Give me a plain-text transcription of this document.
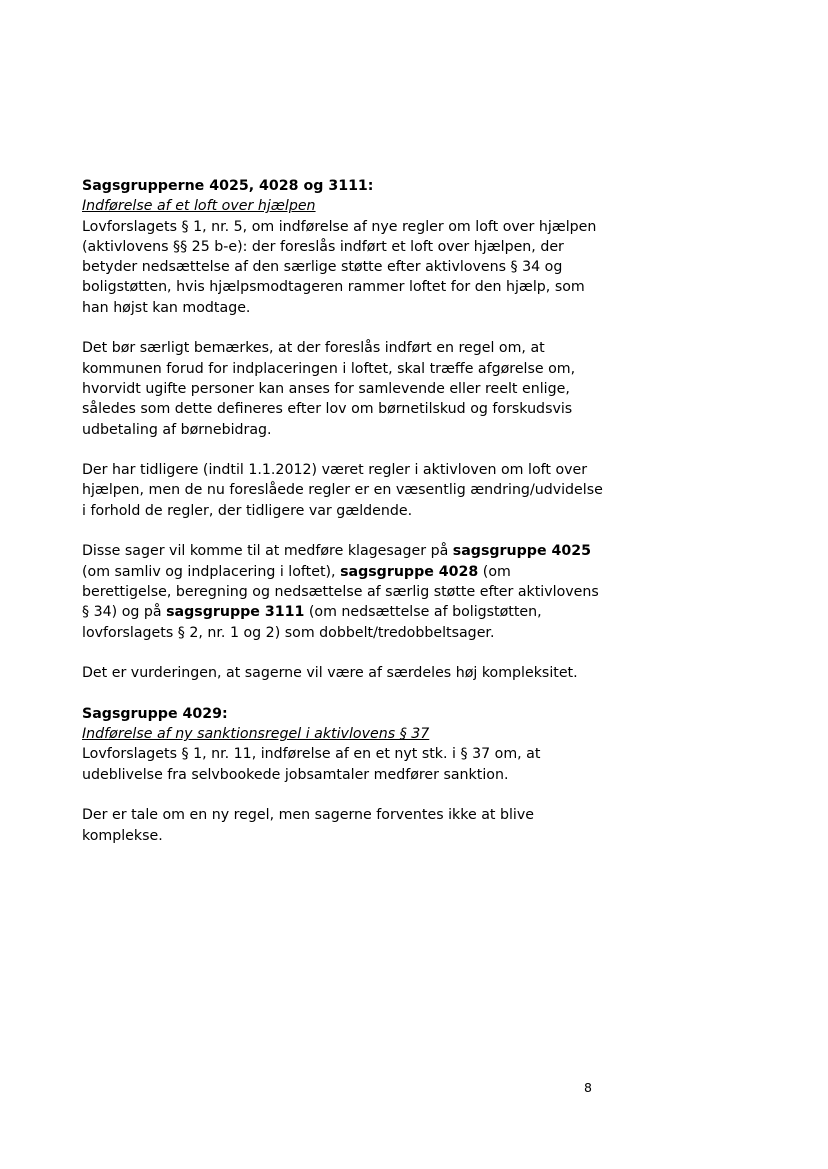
Sagsgrupperne 4025, 4028 og 3111:

Indførelse af et loft over hjælpen

Lovforslagets § 1, nr. 5, om indførelse af nye regler om loft over hjælpen
(aktivlovens §§ 25 b-e): der foreslås indført et loft over hjælpen, der
betyder nedsættelse af den særlige støtte efter aktivlovens § 34 og
boligstøtten, hvis hjælpsmodtageren rammer loftet for den hjælp, som
han højst kan modtage.

Det bør særligt bemærkes, at der foreslås indført en regel om, at
kommunen forud for indplaceringen i loftet, skal træffe afgørelse om,
hvorvidt ugifte personer kan anses for samlevende eller reelt enlige,
således som dette defineres efter lov om børnetilskud og forskudsvis
udbetaling af børnebidrag.

Der har tidligere (indtil 1.1.2012) været regler i aktivloven om loft over
hjælpen, men de nu foreslåede regler er en væsentlig ændring/udvidelse
i forhold de regler, der tidligere var gældende.

Disse sager vil komme til at medføre klagesager på sagsgruppe 4025
(om samliv og indplacering i loftet), sagsgruppe 4028 (om
berettigelse, beregning og nedsættelse af særlig støtte efter aktivlovens
§ 34) og på sagsgruppe 3111 (om nedsættelse af boligstøtten,
lovforslagets § 2, nr. 1 og 2) som dobbelt/tredobbeltsager.

Det er vurderingen, at sagerne vil være af særdeles høj kompleksitet.

Sagsgruppe 4029:

Indførelse af ny sanktionsregel i aktivlovens § 37

Lovforslagets § 1, nr. 11, indførelse af en et nyt stk. i § 37 om, at
udeblivelse fra selvbookede jobsamtaler medfører sanktion.

Der er tale om en ny regel, men sagerne forventes ikke at blive
komplekse.

8
